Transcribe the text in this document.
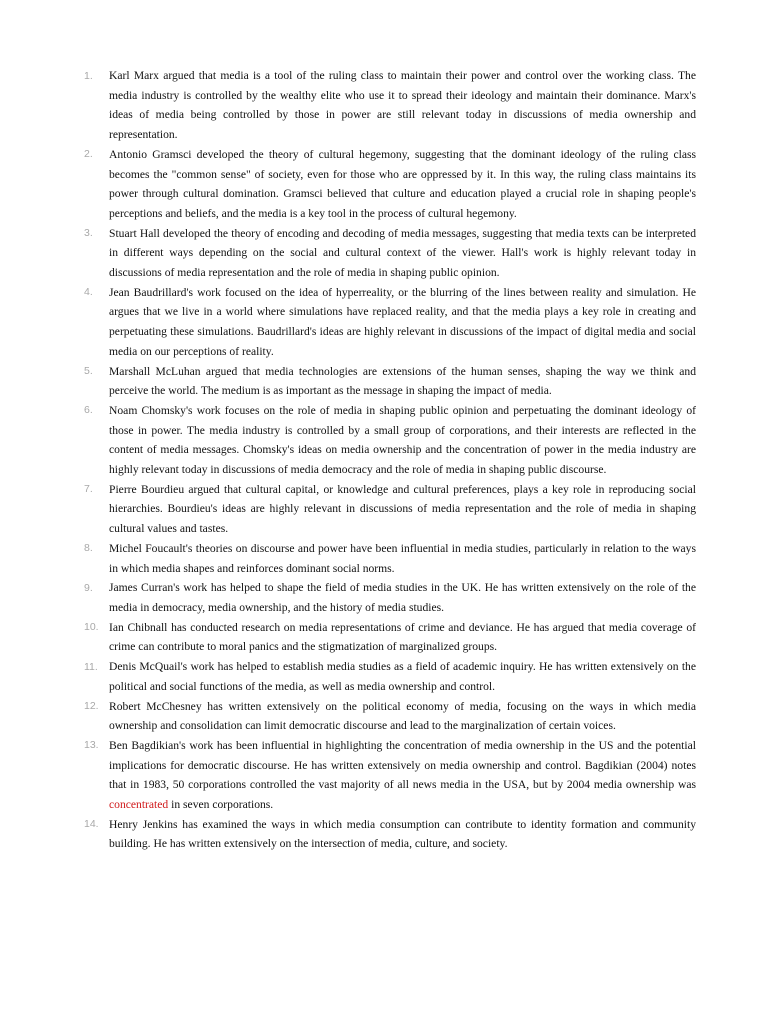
1.	Karl Marx argued that media is a tool of the ruling class to maintain their power and control over the working class. The media industry is controlled by the wealthy elite who use it to spread their ideology and maintain their dominance. Marx's ideas of media being controlled by those in power are still relevant today in discussions of media ownership and representation.

2.	Antonio Gramsci developed the theory of cultural hegemony, suggesting that the dominant ideology of the ruling class becomes the "common sense" of society, even for those who are oppressed by it. In this way, the ruling class maintains its power through cultural domination. Gramsci believed that culture and education played a crucial role in shaping people's perceptions and beliefs, and the media is a key tool in the process of cultural hegemony.

3.	Stuart Hall developed the theory of encoding and decoding of media messages, suggesting that media texts can be interpreted in different ways depending on the social and cultural context of the viewer. Hall's work is highly relevant today in discussions of media representation and the role of media in shaping public opinion.

4.	Jean Baudrillard's work focused on the idea of hyperreality, or the blurring of the lines between reality and simulation. He argues that we live in a world where simulations have replaced reality, and that the media plays a key role in creating and perpetuating these simulations. Baudrillard's ideas are highly relevant in discussions of the impact of digital media and social media on our perceptions of reality.

5.	Marshall McLuhan argued that media technologies are extensions of the human senses, shaping the way we think and perceive the world. The medium is as important as the message in shaping the impact of media.

6.	Noam Chomsky's work focuses on the role of media in shaping public opinion and perpetuating the dominant ideology of those in power. The media industry is controlled by a small group of corporations, and their interests are reflected in the content of media messages. Chomsky's ideas on media ownership and the concentration of power in the media industry are highly relevant today in discussions of media democracy and the role of media in shaping public discourse.

7.	Pierre Bourdieu argued that cultural capital, or knowledge and cultural preferences, plays a key role in reproducing social hierarchies. Bourdieu's ideas are highly relevant in discussions of media representation and the role of media in shaping cultural values and tastes.

8.	Michel Foucault's theories on discourse and power have been influential in media studies, particularly in relation to the ways in which media shapes and reinforces dominant social norms.

9.	James Curran's work has helped to shape the field of media studies in the UK. He has written extensively on the role of the media in democracy, media ownership, and the history of media studies.

10. Ian Chibnall has conducted research on media representations of crime and deviance. He has argued that media coverage of crime can contribute to moral panics and the stigmatization of marginalized groups.

11. Denis McQuail's work has helped to establish media studies as a field of academic inquiry. He has written extensively on the political and social functions of the media, as well as media ownership and control.

12. Robert McChesney has written extensively on the political economy of media, focusing on the ways in which media ownership and consolidation can limit democratic discourse and lead to the marginalization of certain voices.

13. Ben Bagdikian's work has been influential in highlighting the concentration of media ownership in the US and the potential implications for democratic discourse. He has written extensively on media ownership and control. Bagdikian (2004) notes that in 1983, 50 corporations controlled the vast majority of all news media in the USA, but by 2004 media ownership was concentrated in seven corporations.

14. Henry Jenkins has examined the ways in which media consumption can contribute to identity formation and community building. He has written extensively on the intersection of media, culture, and society.
